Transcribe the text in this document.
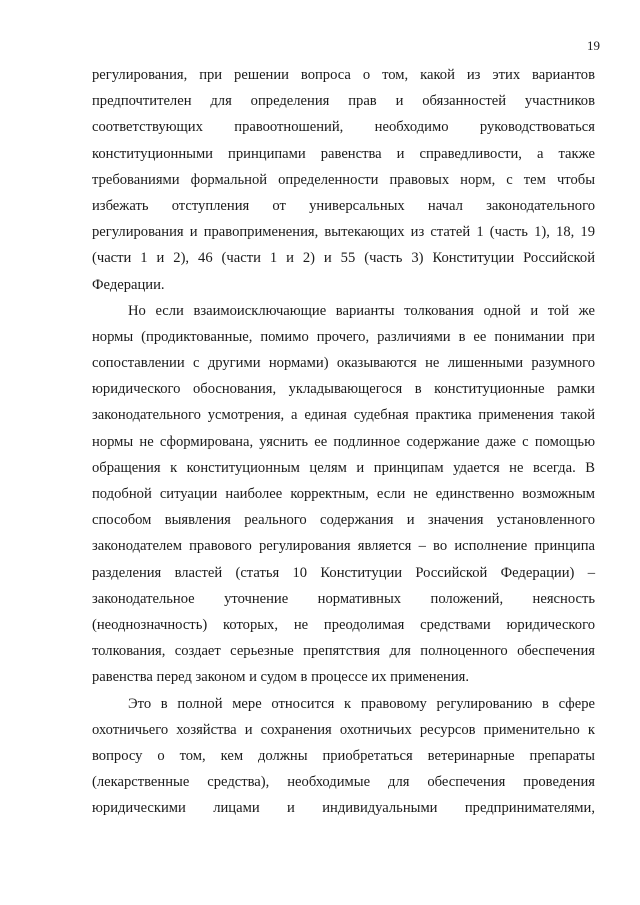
19
регулирования, при решении вопроса о том, какой из этих вариантов
предпочтителен для определения прав и обязанностей участников
соответствующих правоотношений, необходимо руководствоваться
конституционными принципами равенства и справедливости, а также
требованиями формальной определенности правовых норм, с тем чтобы
избежать отступления от универсальных начал законодательного
регулирования и правоприменения, вытекающих из статей 1 (часть 1), 18, 19
(части 1 и 2), 46 (части 1 и 2) и 55 (часть 3) Конституции Российской
Федерации.
Но если взаимоисключающие варианты толкования одной и той же
нормы (продиктованные, помимо прочего, различиями в ее понимании при
сопоставлении с другими нормами) оказываются не лишенными разумного
юридического обоснования, укладывающегося в конституционные рамки
законодательного усмотрения, а единая судебная практика применения такой
нормы не сформирована, уяснить ее подлинное содержание даже с помощью
обращения к конституционным целям и принципам удается не всегда. В
подобной ситуации наиболее корректным, если не единственно возможным
способом выявления реального содержания и значения установленного
законодателем правового регулирования является – во исполнение принципа
разделения властей (статья 10 Конституции Российской Федерации) –
законодательное уточнение нормативных положений, неясность
(неоднозначность) которых, не преодолимая средствами юридического
толкования, создает серьезные препятствия для полноценного обеспечения
равенства перед законом и судом в процессе их применения.
Это в полной мере относится к правовому регулированию в сфере
охотничьего хозяйства и сохранения охотничьих ресурсов применительно к
вопросу о том, кем должны приобретаться ветеринарные препараты
(лекарственные средства), необходимые для обеспечения проведения
юридическими лицами и индивидуальными предпринимателями,
